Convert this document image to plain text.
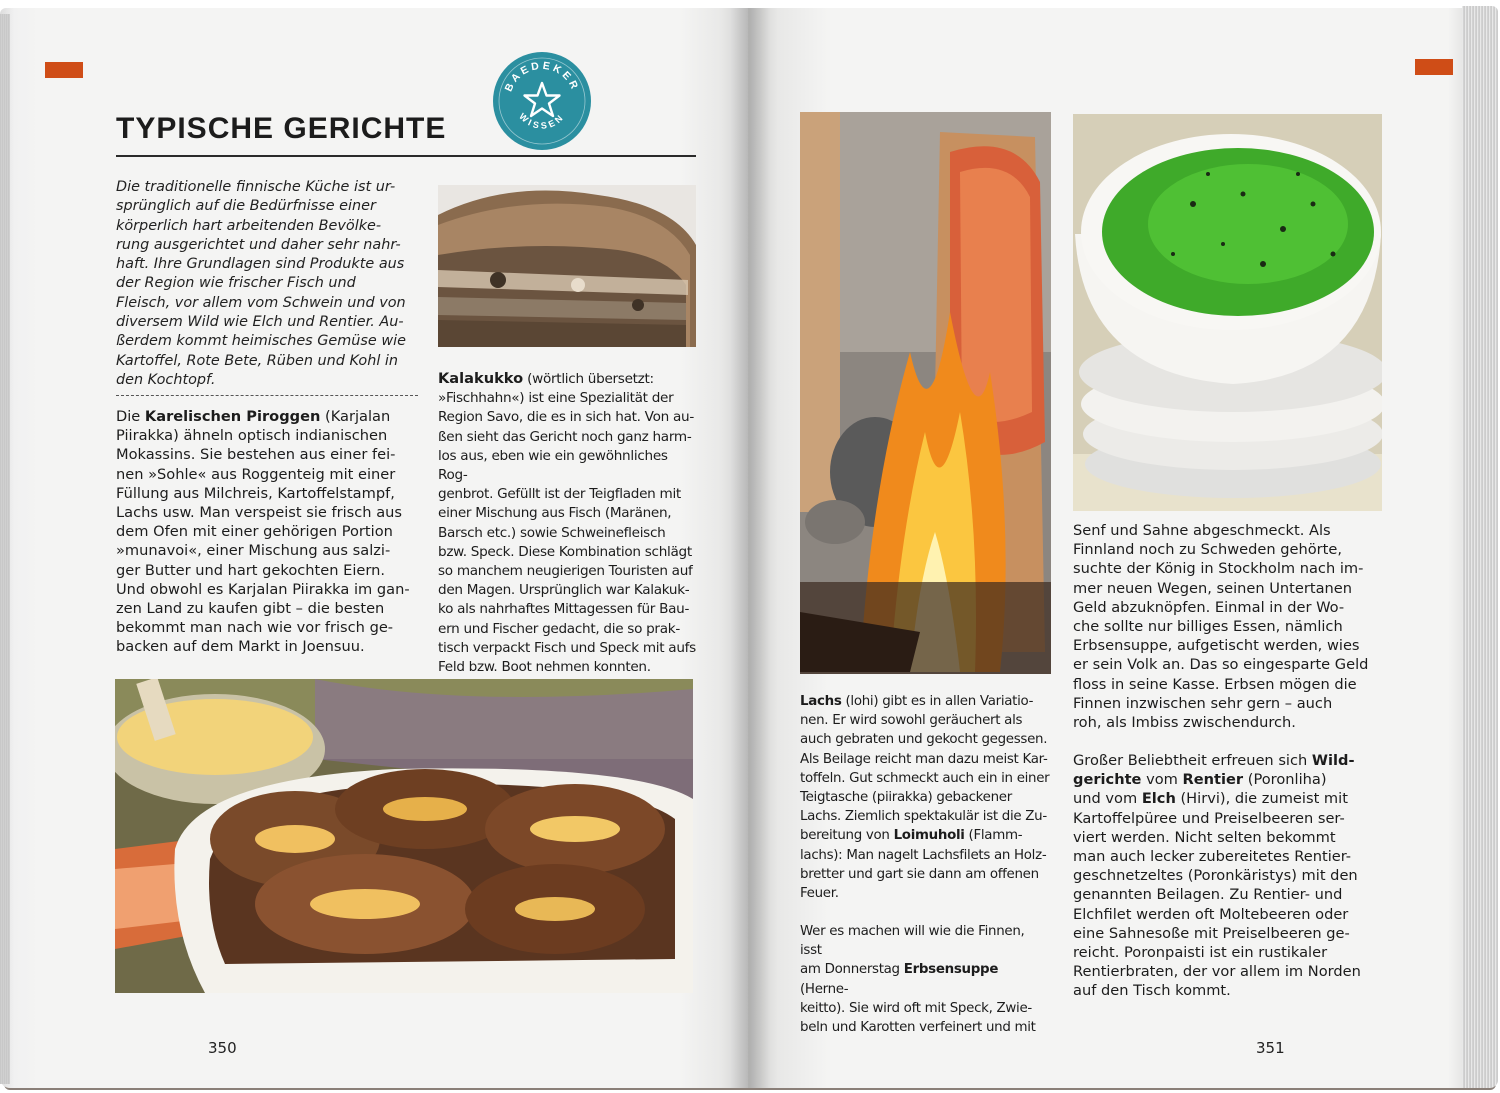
TYPISCHE GERICHTE
BAEDEKER
WISSEN
Die traditionelle finnische Küche ist ur-
sprünglich auf die Bedürfnisse einer
körperlich hart arbeitenden Bevölke-
rung ausgerichtet und daher sehr nahr-
haft. Ihre Grundlagen sind Produkte aus
der Region wie frischer Fisch und
Fleisch, vor allem vom Schwein und von
diversem Wild wie Elch und Rentier. Au-
ßerdem kommt heimisches Gemüse wie
Kartoffel, Rote Bete, Rüben und Kohl in
den Kochtopf.
Die Karelischen Piroggen (Karjalan
Piirakka) ähneln optisch indianischen
Mokassins. Sie bestehen aus einer fei-
nen »Sohle« aus Roggenteig mit einer
Füllung aus Milchreis, Kartoffelstampf,
Lachs usw. Man verspeist sie frisch aus
dem Ofen mit einer gehörigen Portion
»munavoi«, einer Mischung aus salzi-
ger Butter und hart gekochten Eiern.
Und obwohl es Karjalan Piirakka im gan-
zen Land zu kaufen gibt – die besten
bekommt man nach wie vor frisch ge-
backen auf dem Markt in Joensuu.
Kalakukko (wörtlich übersetzt:
»Fischhahn«) ist eine Spezialität der
Region Savo, die es in sich hat. Von au-
ßen sieht das Gericht noch ganz harm-
los aus, eben wie ein gewöhnliches Rog-
genbrot. Gefüllt ist der Teigfladen mit
einer Mischung aus Fisch (Maränen,
Barsch etc.) sowie Schweinefleisch
bzw. Speck. Diese Kombination schlägt
so manchem neugierigen Touristen auf
den Magen. Ursprünglich war Kalakuk-
ko als nahrhaftes Mittagessen für Bau-
ern und Fischer gedacht, die so prak-
tisch verpackt Fisch und Speck mit aufs
Feld bzw. Boot nehmen konnten.
350
Lachs (lohi) gibt es in allen Variatio-
nen. Er wird sowohl geräuchert als
auch gebraten und gekocht gegessen.
Als Beilage reicht man dazu meist Kar-
toffeln. Gut schmeckt auch ein in einer
Teigtasche (piirakka) gebackener
Lachs. Ziemlich spektakulär ist die Zu-
bereitung von Loimuholi (Flamm-
lachs): Man nagelt Lachsfilets an Holz-
bretter und gart sie dann am offenen
Feuer.
Wer es machen will wie die Finnen, isst
am Donnerstag Erbsensuppe (Herne-
keitto). Sie wird oft mit Speck, Zwie-
beln und Karotten verfeinert und mit
Senf und Sahne abgeschmeckt. Als
Finnland noch zu Schweden gehörte,
suchte der König in Stockholm nach im-
mer neuen Wegen, seinen Untertanen
Geld abzuknöpfen. Einmal in der Wo-
che sollte nur billiges Essen, nämlich
Erbsensuppe, aufgetischt werden, wies
er sein Volk an. Das so eingesparte Geld
floss in seine Kasse. Erbsen mögen die
Finnen inzwischen sehr gern – auch
roh, als Imbiss zwischendurch.
Großer Beliebtheit erfreuen sich Wild-
gerichte vom Rentier (Poronliha)
und vom Elch (Hirvi), die zumeist mit
Kartoffelpüree und Preiselbeeren ser-
viert werden. Nicht selten bekommt
man auch lecker zubereitetes Rentier-
geschnetzeltes (Poronkäristys) mit den
genannten Beilagen. Zu Rentier- und
Elchfilet werden oft Moltebeeren oder
eine Sahnesoße mit Preiselbeeren ge-
reicht. Poronpaisti ist ein rustikaler
Rentierbraten, der vor allem im Norden
auf den Tisch kommt.
351
